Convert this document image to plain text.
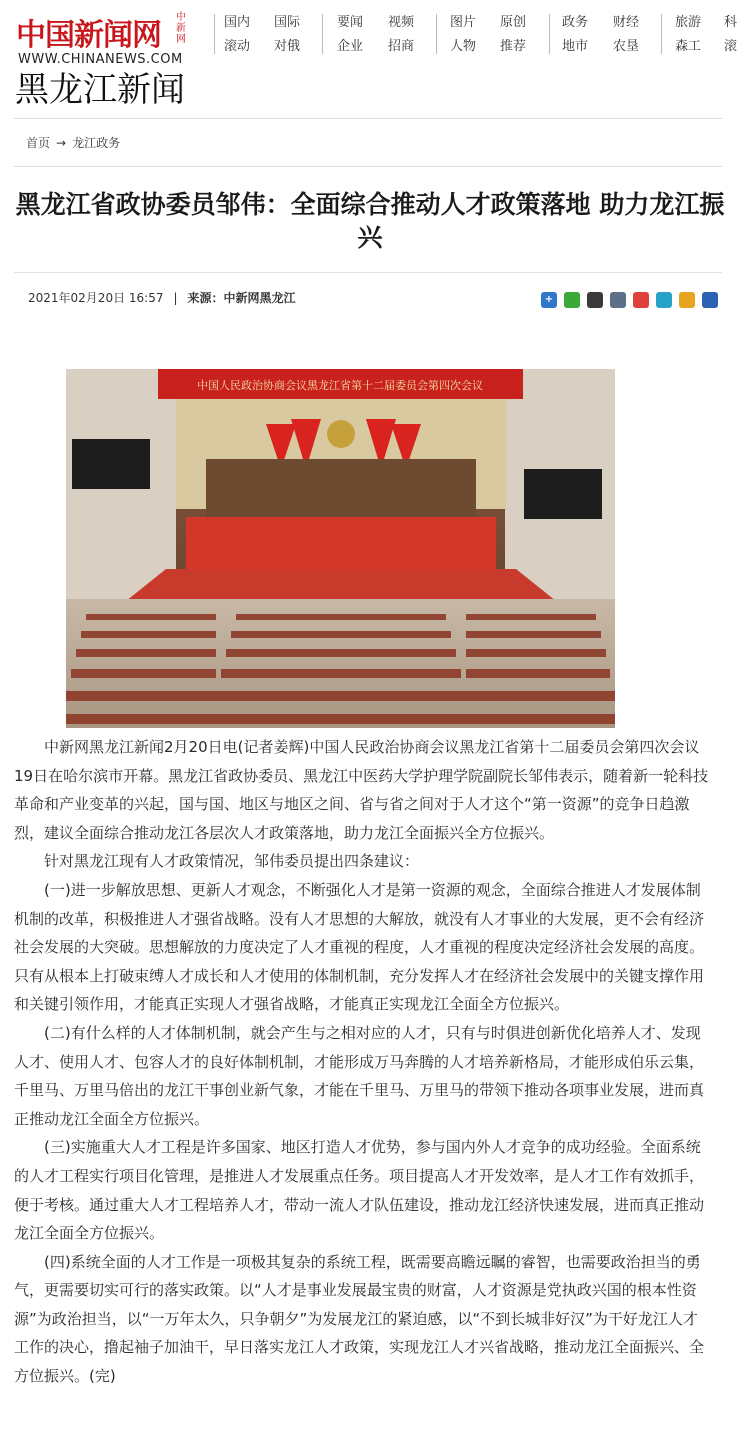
中国新闻网
中新网
WWW.CHINANEWS.COM
黑龙江新闻
国内
滚动
国际
对俄
要闻
企业
视频
招商
图片
人物
原创
推荐
政务
地市
财经
农垦
旅游
森工
科
滚
首页 → 龙江政务
黑龙江省政协委员邹伟：全面综合推动人才政策落地 助力龙江振兴
2021年02月20日 16:57 | 来源：中新网黑龙江	+
中国人民政治协商会议黑龙江省第十二届委员会第四次会议

中新网黑龙江新闻2月20日电(记者姜辉)中国人民政治协商会议黑龙江省第十二届委员会第四次会议19日在哈尔滨市开幕。黑龙江省政协委员、黑龙江中医药大学护理学院副院长邹伟表示，随着新一轮科技革命和产业变革的兴起，国与国、地区与地区之间、省与省之间对于人才这个“第一资源”的竞争日趋激烈，建议全面综合推动龙江各层次人才政策落地，助力龙江全面振兴全方位振兴。

针对黑龙江现有人才政策情况，邹伟委员提出四条建议：

(一)进一步解放思想、更新人才观念，不断强化人才是第一资源的观念，全面综合推进人才发展体制机制的改革，积极推进人才强省战略。没有人才思想的大解放，就没有人才事业的大发展，更不会有经济社会发展的大突破。思想解放的力度决定了人才重视的程度，人才重视的程度决定经济社会发展的高度。只有从根本上打破束缚人才成长和人才使用的体制机制，充分发挥人才在经济社会发展中的关键支撑作用和关键引领作用，才能真正实现人才强省战略，才能真正实现龙江全面全方位振兴。

(二)有什么样的人才体制机制，就会产生与之相对应的人才，只有与时俱进创新优化培养人才、发现人才、使用人才、包容人才的良好体制机制，才能形成万马奔腾的人才培养新格局，才能形成伯乐云集，千里马、万里马倍出的龙江干事创业新气象，才能在千里马、万里马的带领下推动各项事业发展，进而真正推动龙江全面全方位振兴。

(三)实施重大人才工程是许多国家、地区打造人才优势，参与国内外人才竞争的成功经验。全面系统的人才工程实行项目化管理，是推进人才发展重点任务。项目提高人才开发效率，是人才工作有效抓手，便于考核。通过重大人才工程培养人才，带动一流人才队伍建设，推动龙江经济快速发展，进而真正推动龙江全面全方位振兴。

(四)系统全面的人才工作是一项极其复杂的系统工程，既需要高瞻远瞩的睿智，也需要政治担当的勇气，更需要切实可行的落实政策。以“人才是事业发展最宝贵的财富，人才资源是党执政兴国的根本性资源”为政治担当，以“一万年太久，只争朝夕”为发展龙江的紧迫感，以“不到长城非好汉”为干好龙江人才工作的决心，撸起袖子加油干，早日落实龙江人才政策，实现龙江人才兴省战略，推动龙江全面振兴、全方位振兴。(完)
